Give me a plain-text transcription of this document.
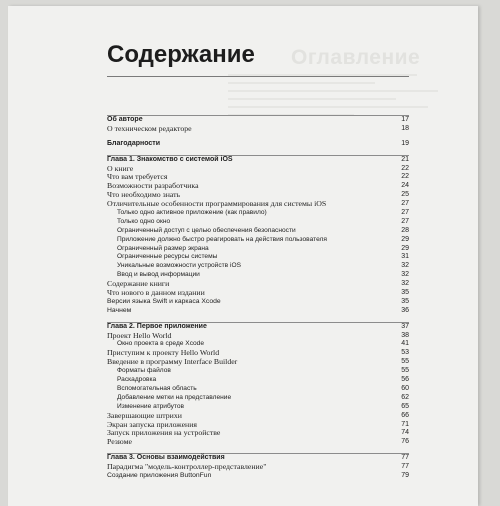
Оглавление
Содержание
Об авторе	17
О техническом редакторе	18
Благодарности	19
Глава 1. Знакомство с системой iOS	21
О книге	22
Что вам требуется	22
Возможности разработчика	24
Что необходимо знать	25
Отличительные особенности программирования для системы iOS	27
Только одно активное приложение (как правило)	27
Только одно окно	27
Ограниченный доступ с целью обеспечения безопасности	28
Приложение должно быстро реагировать на действия пользователя	29
Ограниченный размер экрана	29
Ограниченные ресурсы системы	31
Уникальные возможности устройств iOS	32
Ввод и вывод информации	32
Содержание книги	32
Что нового в данном издании	35
Версии языка Swift и каркаса Xcode	35
Начнем	36
Глава 2. Первое приложение	37
Проект Hello World	38
Окно проекта в среде Xcode	41
Приступим к проекту Hello World	53
Введение в программу Interface Builder	55
Форматы файлов	55
Раскадровка	56
Вспомогательная область	60
Добавление метки на представление	62
Изменение атрибутов	65
Завершающие штрихи	66
Экран запуска приложения	71
Запуск приложения на устройстве	74
Резюме	76
Глава 3. Основы взаимодействия	77
Парадигма "модель-контроллер-представление"	77
Создание приложения ButtonFun	79
